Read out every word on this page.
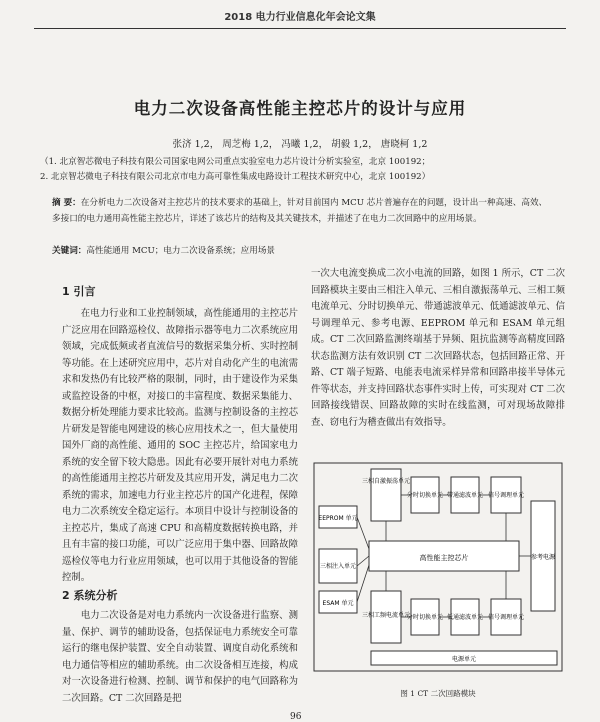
2018 电力行业信息化年会论文集
电力二次设备高性能主控芯片的设计与应用
张济 1,2， 周芝梅 1,2， 冯曦 1,2， 胡毅 1,2， 唐晓柯 1,2
（1. 北京智芯微电子科技有限公司国家电网公司重点实验室电力芯片设计分析实验室，北京 100192；
2. 北京智芯微电子科技有限公司北京市电力高可靠性集成电路设计工程技术研究中心，北京 100192）
摘 要：在分析电力二次设备对主控芯片的技术要求的基础上，针对目前国内 MCU 芯片普遍存在的问题，设计出一种高速、高效、多接口的电力通用高性能主控芯片，详述了该芯片的结构及其关键技术，并描述了在电力二次回路中的应用场景。
关键词：高性能通用 MCU；电力二次设备系统；应用场景
1 引言

在电力行业和工业控制领域，高性能通用的主控芯片广泛应用在回路巡检仪、故障指示器等电力二次系统应用领域，完成低频或者直流信号的数据采集分析、实时控制等功能。在上述研究应用中，芯片对自动化产生的电流需求和发热仍有比较严格的限制，同时，由于建设作为采集或监控设备的中枢，对接口的丰富程度、数据采集能力、数据分析处理能力要求比较高。监测与控制设备的主控芯片研发是智能电网建设的核心应用技术之一，但大量使用国外厂商的高性能、通用的 SOC 主控芯片，给国家电力系统的安全留下较大隐患。因此有必要开展针对电力系统的高性能通用主控芯片研发及其应用开发，满足电力二次系统的需求，加速电力行业主控芯片的国产化进程，保障电力二次系统安全稳定运行。本项目中设计与控制设备的主控芯片，集成了高速 CPU 和高精度数据转换电路，并且有丰富的接口功能，可以广泛应用于集中器、回路故障巡检仪等电力行业应用领域，也可以用于其他设备的智能控制。

2 系统分析

电力二次设备是对电力系统内一次设备进行监察、测量、保护、调节的辅助设备，包括保证电力系统安全可靠运行的继电保护装置、安全自动装置、调度自动化系统和电力通信等相应的辅助系统。由二次设备相互连接，构成对一次设备进行检测、控制、调节和保护的电气回路称为二次回路。CT 二次回路是把

一次大电流变换成二次小电流的回路，如图 1 所示，CT 二次回路模块主要由三相注入单元、三相自激振荡单元、三相工频电流单元、分时切换单元、带通滤波单元、低通滤波单元、信号调理单元、参考电源、EEPROM 单元和 ESAM 单元组成。CT 二次回路监测终端基于异频、阻抗监测等高精度回路状态监测方法有效识别 CT 二次回路状态，包括回路正常、开路、CT 端子短路、电能表电流采样异常和回路串接半导体元件等状态，并支持回路状态事件实时上传，可实现对 CT 二次回路接线错误、回路故障的实时在线监测，可对现场故障排查、窃电行为稽查做出有效指导。

三相自激振荡单元
分时切换单元 带通滤波单元 信号调理单元
EEPROM 单元
三相注入单元
ESAM 单元
高性能主控芯片	参考电源
三相工频电流单元
分时切换单元 低通滤波单元 信号调理单元
电源单元
图 1 CT 二次回路模块
96
